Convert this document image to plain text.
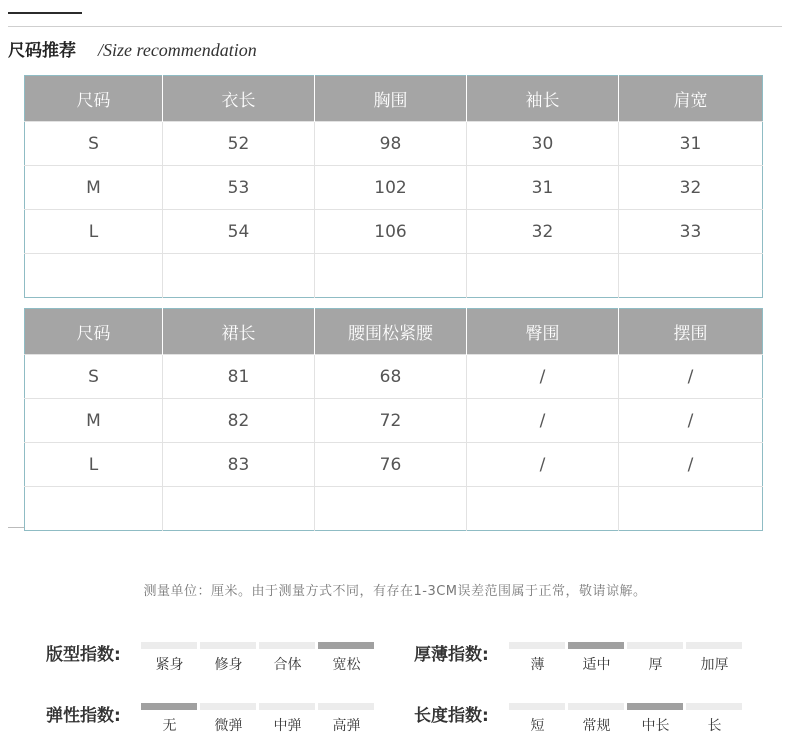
尺码推荐 /Size recommendation
尺码	衣长	胸围	袖长	肩宽
S	52	98	30	31
M	53	102	31	32
L	54	106	32	33

尺码	裙长	腰围松紧腰	臀围	摆围
S	81	68	/	/
M	82	72	/	/
L	83	76	/	/

测量单位：厘米。由于测量方式不同，有存在1-3CM误差范围属于正常，敬请谅解。
版型指数:	紧身	修身	合体	宽松	厚薄指数:	薄	适中	厚	加厚
弹性指数:	无	微弹	中弹	高弹	长度指数:	短	常规	中长	长
